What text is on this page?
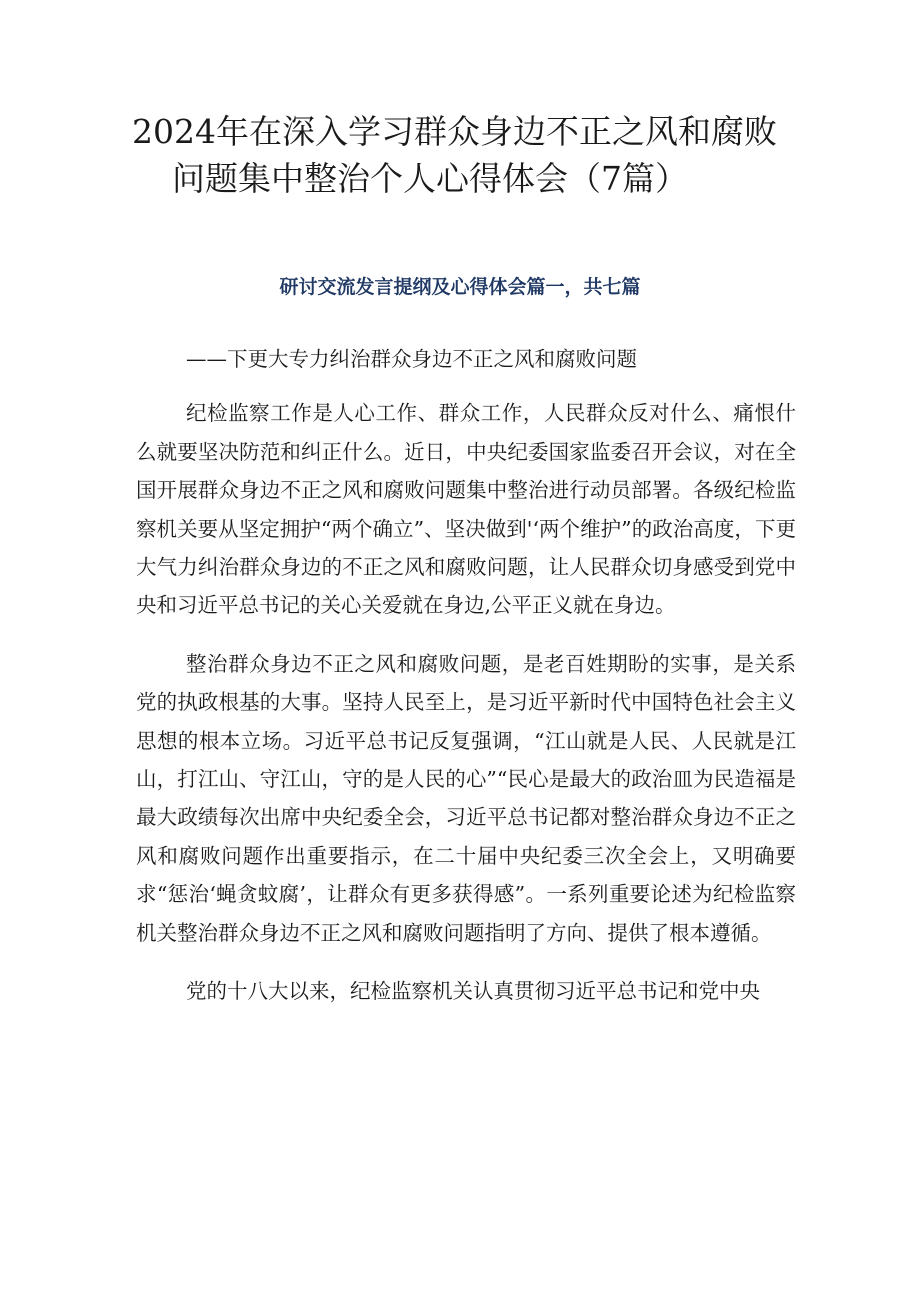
2024年在深入学习群众身边不正之风和腐败
问题集中整治个人心得体会（7篇）

研讨交流发言提纲及心得体会篇一，共七篇

——下更大专力纠治群众身边不正之风和腐败问题

纪检监察工作是人心工作、群众工作，人民群众反对什么、痛恨什么就要坚决防范和纠正什么。近日，中央纪委国家监委召开会议，对在全国开展群众身边不正之风和腐败问题集中整治进行动员部署。各级纪检监察机关要从坚定拥护“两个确立”、坚决做到'‘两个维护”的政治高度，下更大气力纠治群众身边的不正之风和腐败问题，让人民群众切身感受到党中央和习近平总书记的关心关爱就在身边,公平正义就在身边。

整治群众身边不正之风和腐败问题，是老百姓期盼的实事，是关系党的执政根基的大事。坚持人民至上，是习近平新时代中国特色社会主义思想的根本立场。习近平总书记反复强调，“江山就是人民、人民就是江山，打江山、守江山，守的是人民的心”“民心是最大的政治皿为民造福是最大政绩每次出席中央纪委全会，习近平总书记都对整治群众身边不正之风和腐败问题作出重要指示，在二十届中央纪委三次全会上，又明确要求“惩治‘蝇贪蚊腐’，让群众有更多获得感”。一系列重要论述为纪检监察机关整治群众身边不正之风和腐败问题指明了方向、提供了根本遵循。

党的十八大以来，纪检监察机关认真贯彻习近平总书记和党中央
